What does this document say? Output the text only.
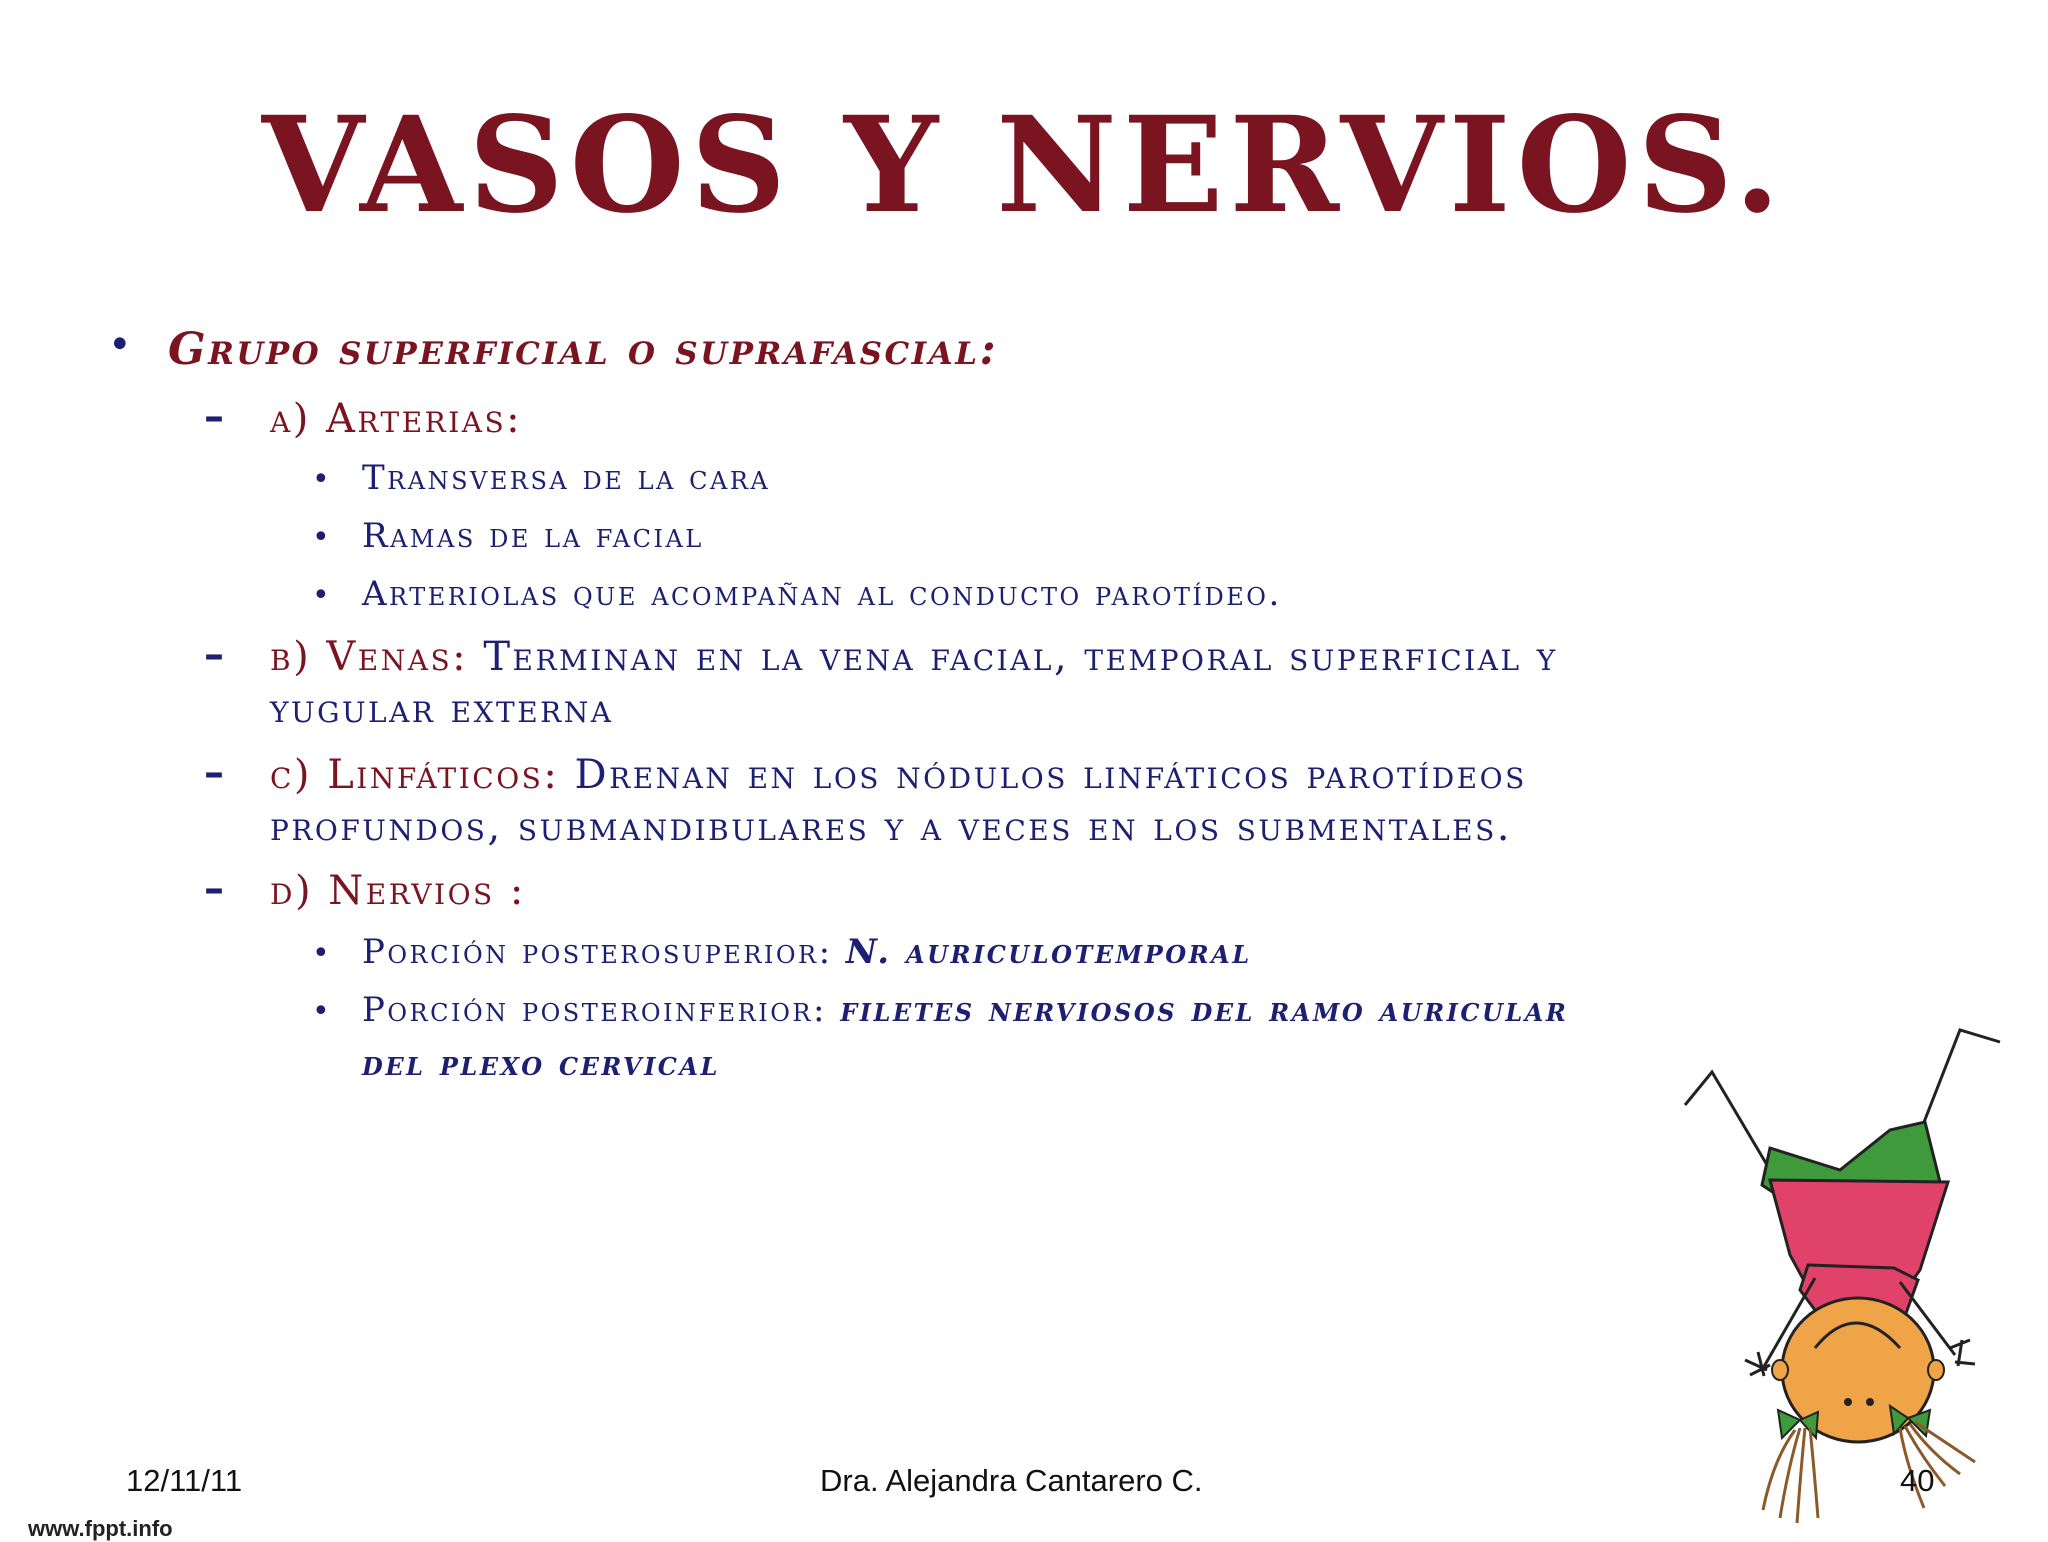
VASOS Y NERVIOS.
• Grupo superficial o suprafascial:
– a) Arterias:
• Transversa de la cara
• Ramas de la facial
• Arteriolas que acompañan al conducto parotídeo.
– b) Venas: Terminan en la vena facial, temporal superficial y
yugular externa
– c) Linfáticos: Drenan en los nódulos linfáticos parotídeos
profundos, submandibulares y a veces en los submentales.
– d) Nervios :
• Porción posterosuperior: N. auriculotemporal
• Porción posteroinferior: filetes nerviosos del ramo auricular
del plexo cervical
12/11/11	Dra. Alejandra Cantarero C.	40
www.fppt.info
